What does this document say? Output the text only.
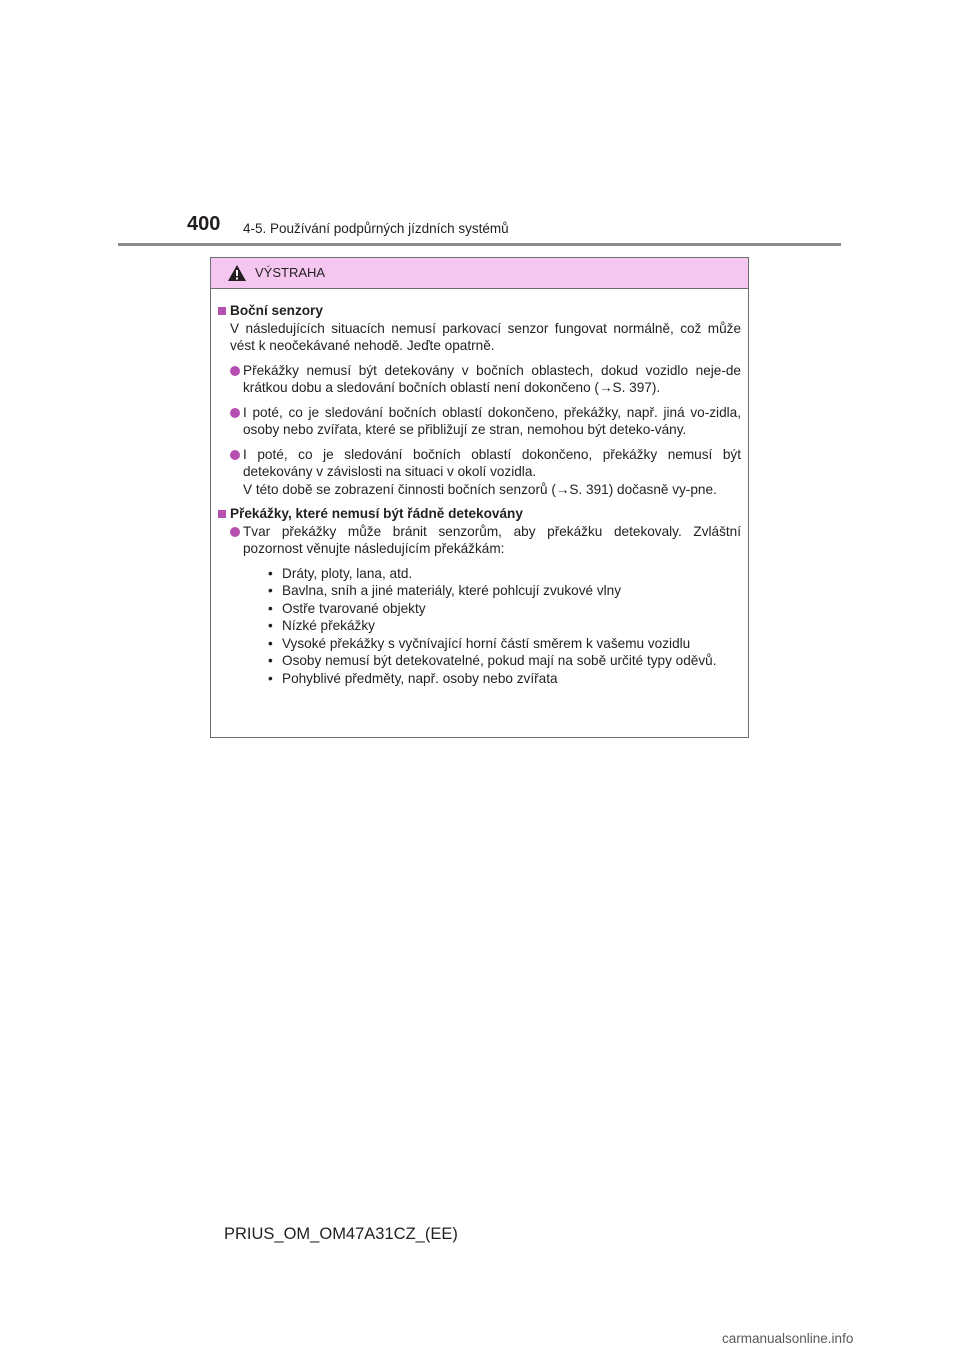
400 4-5. Používání podpůrných jízdních systémů
VÝSTRAHA

Boční senzory

V následujících situacích nemusí parkovací senzor fungovat normálně, což může vést k neočekávané nehodě. Jeďte opatrně.

Překážky nemusí být detekovány v bočních oblastech, dokud vozidlo neje-de krátkou dobu a sledování bočních oblastí není dokončeno (→S. 397).
I poté, co je sledování bočních oblastí dokončeno, překážky, např. jiná vo-zidla, osoby nebo zvířata, které se přibližují ze stran, nemohou být deteko-vány.
I poté, co je sledování bočních oblastí dokončeno, překážky nemusí být detekovány v závislosti na situaci v okolí vozidla.
V této době se zobrazení činnosti bočních senzorů (→S. 391) dočasně vy-pne.

Překážky, které nemusí být řádně detekovány

Tvar překážky může bránit senzorům, aby překážku detekovaly. Zvláštní pozornost věnujte následujícím překážkám:
• Dráty, ploty, lana, atd.
• Bavlna, sníh a jiné materiály, které pohlcují zvukové vlny
• Ostře tvarované objekty
• Nízké překážky
• Vysoké překážky s vyčnívající horní částí směrem k vašemu vozidlu
• Osoby nemusí být detekovatelné, pokud mají na sobě určité typy oděvů.
• Pohyblivé předměty, např. osoby nebo zvířata
PRIUS_OM_OM47A31CZ_(EE)
carmanualsonline.info
